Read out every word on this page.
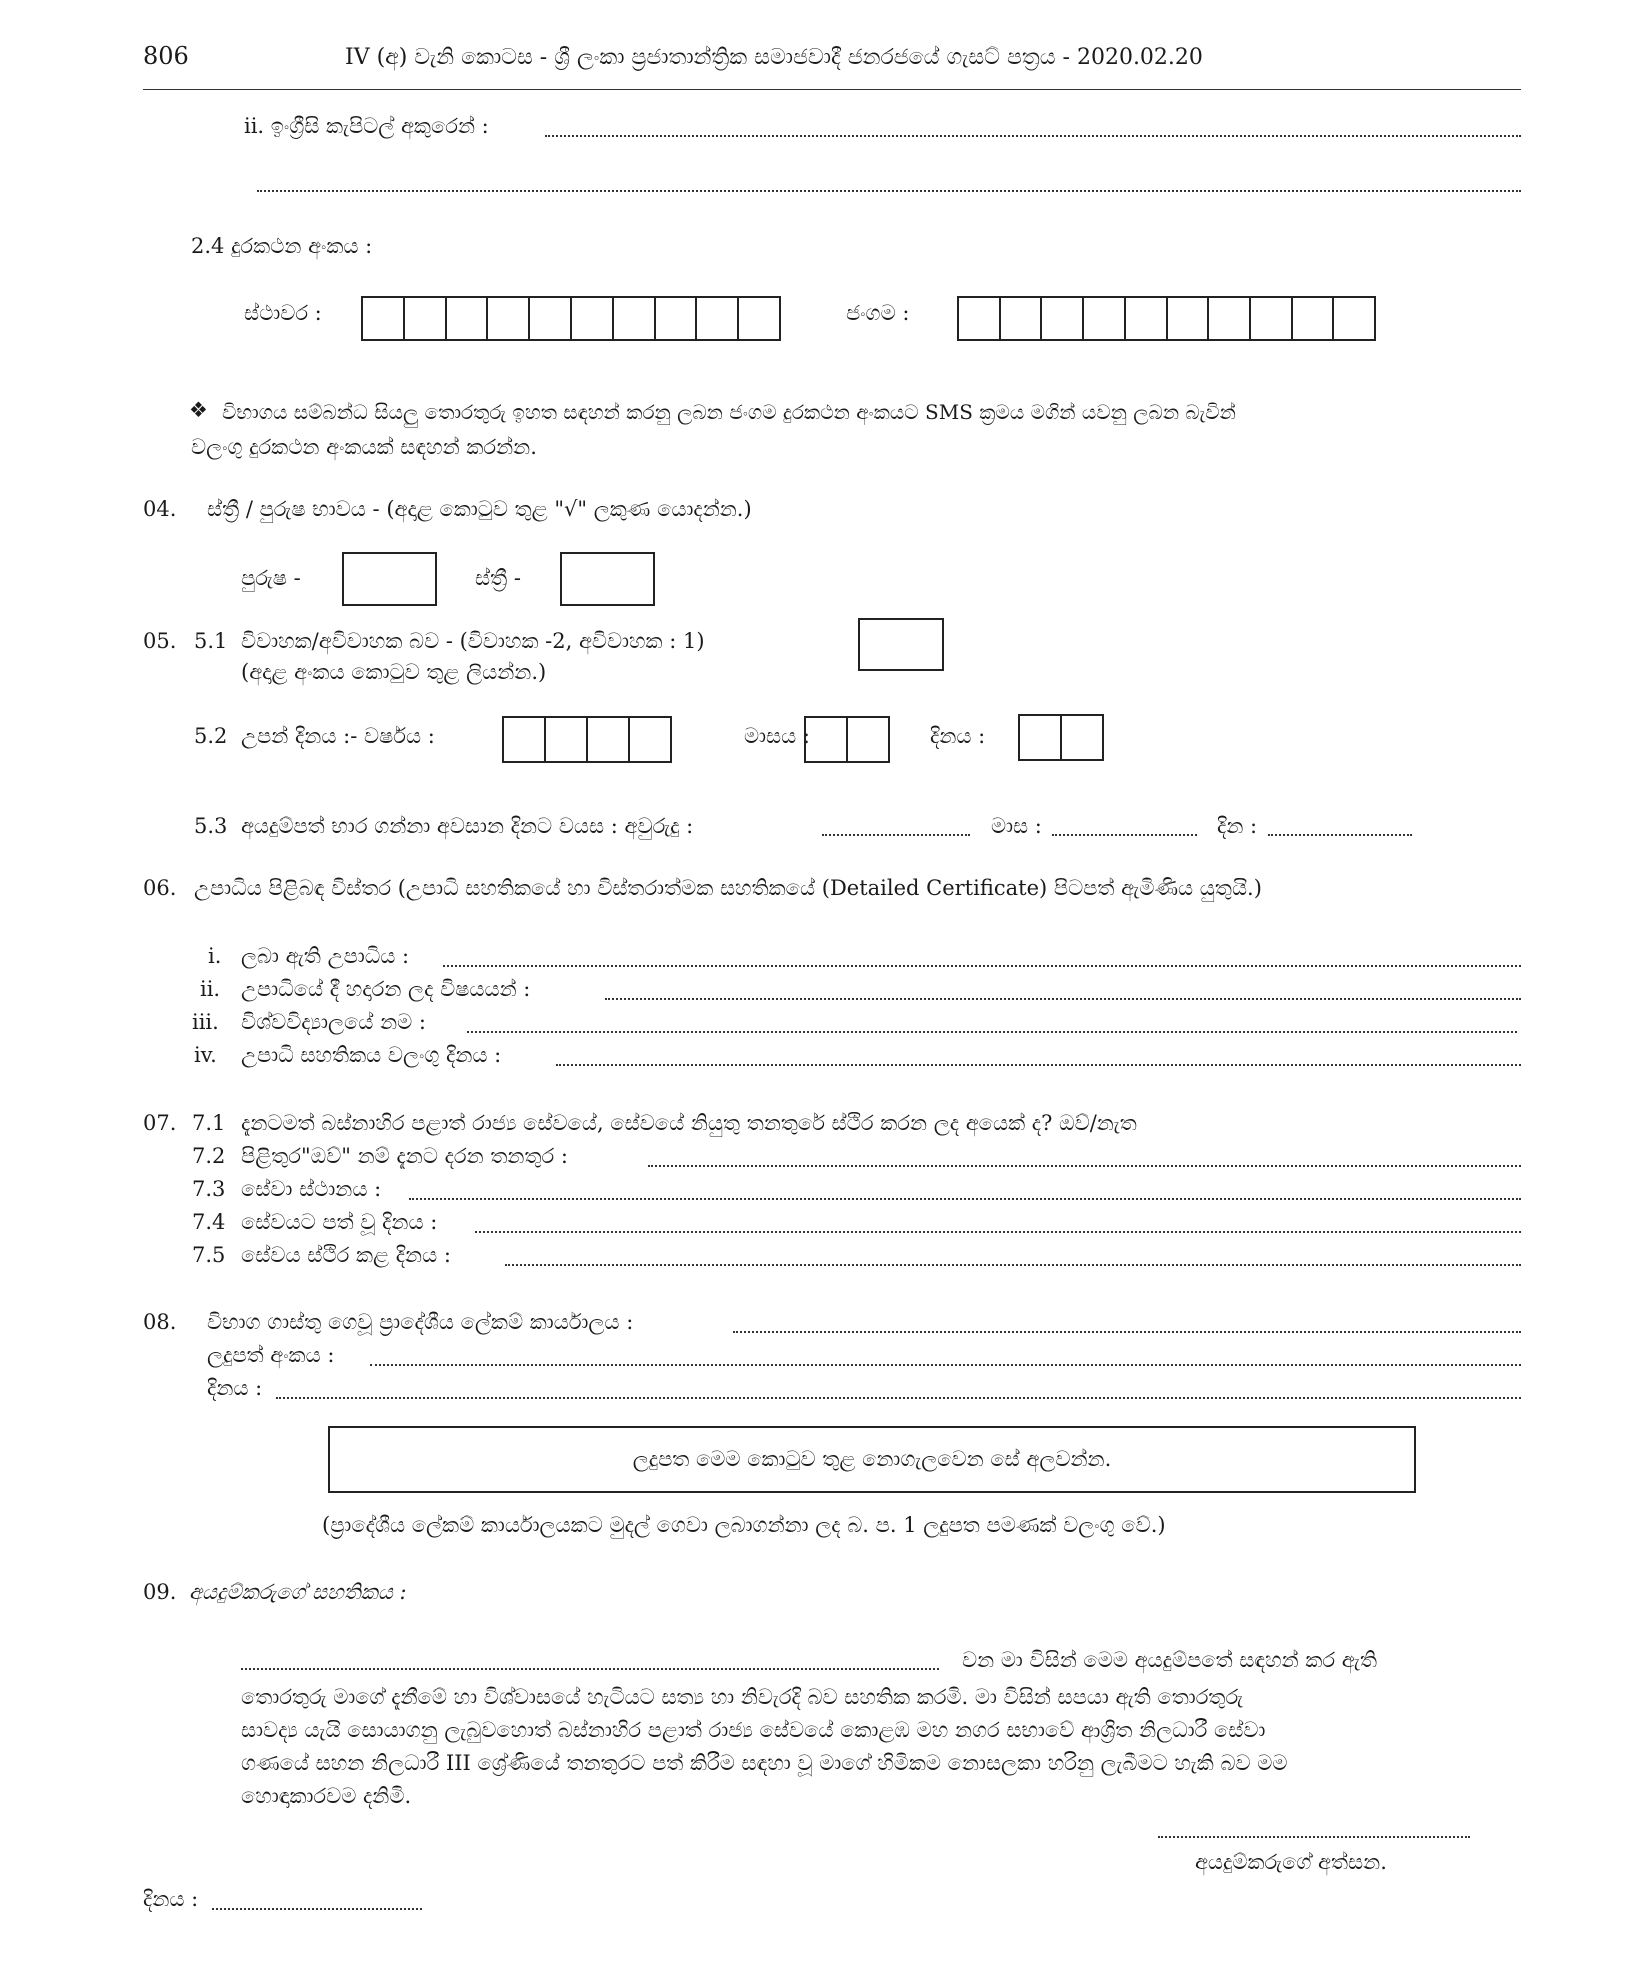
806	IV (අ) වැනි කොටස - ශ්‍රී ලංකා ප්‍රජාතාන්ත්‍රික සමාජවාදී ජනරජයේ ගැසට් පත්‍රය - 2020.02.20
ii. ඉංග්‍රීසි කැපිටල් අකුරෙන් :
2.4 දුරකථන අංකය :
ස්ථාවර :	ජංගම :
❖ විභාගය සම්බන්ධ සියලු තොරතුරු ඉහත සඳහන් කරනු ලබන ජංගම දුරකථන අංකයට SMS ක්‍රමය මගින් යවනු ලබන බැවින්
වලංගු දුරකථන අංකයක් සඳහන් කරන්න.
04. ස්ත්‍රී / පුරුෂ භාවය - (අදාළ කොටුව තුළ "√" ලකුණ යොදන්න.)
පුරුෂ -	ස්ත්‍රී -
05. 5.1 විවාහක/අවිවාහක බව - (විවාහක -2, අවිවාහක : 1)
(අදාළ අංකය කොටුව තුළ ලියන්න.)
5.2 උපන් දිනය :- වර්ෂය :	මාසය :	දිනය :
5.3 අයදුම්පත් භාර ගන්නා අවසාන දිනට වයස : අවුරුදු :	මාස :	දින :
06. උපාධිය පිළිබඳ විස්තර (උපාධි සහතිකයේ හා විස්තරාත්මක සහතිකයේ (Detailed Certificate) පිටපත් ඇමිණිය යුතුයි.)
i. ලබා ඇති උපාධිය :
ii. උපාධියේ දී හදාරන ලද විෂයයන් :
iii. විශ්වවිද්‍යාලයේ නම :
iv. උපාධි සහතිකය වලංගු දිනය :
07. 7.1 දැනටමත් බස්නාහිර පළාත් රාජ්‍ය සේවයේ, සේවයේ නියුතු තනතුරේ ස්ථිර කරන ලද අයෙක් ද? ඔව්/නැත
7.2 පිළිතුර"ඔව්" නම් දැනට දරන තනතුර :
7.3 සේවා ස්ථානය :
7.4 සේවයට පත් වූ දිනය :
7.5 සේවය ස්ථිර කළ දිනය :
08. විභාග ගාස්තු ගෙවූ ප්‍රාදේශීය ලේකම් කාර්යාලය :
ලදුපත් අංකය :
දිනය :
ලදුපත මෙම කොටුව තුළ නොගැලවෙන සේ අලවන්න.
(ප්‍රාදේශීය ලේකම් කාර්යාලයකට මුදල් ගෙවා ලබාගන්නා ලද බ. ප. 1 ලදුපත පමණක් වලංගු වේ.)
09. අයදුම්කරුගේ සහතිකය :
වන මා විසින් මෙම අයදුම්පතේ සඳහන් කර ඇති
තොරතුරු මාගේ දැනීමේ හා විශ්වාසයේ හැටියට සත්‍ය හා නිවැරදි බව සහතික කරමි. මා විසින් සපයා ඇති තොරතුරු
සාවද්‍ය යැයි සොයාගනු ලැබුවහොත් බස්නාහිර පළාත් රාජ්‍ය සේවයේ කොළඹ මහ නගර සභාවේ ආශ්‍රිත නිලධාරී සේවා
ගණයේ සහන නිලධාරී III ශ්‍රේණියේ තනතුරට පත් කිරීම සඳහා වූ මාගේ හිමිකම නොසලකා හරිනු ලැබීමට හැකි බව මම
හොඳාකාරවම දනිමි.
අයදුම්කරුගේ අත්සන.
දිනය :
